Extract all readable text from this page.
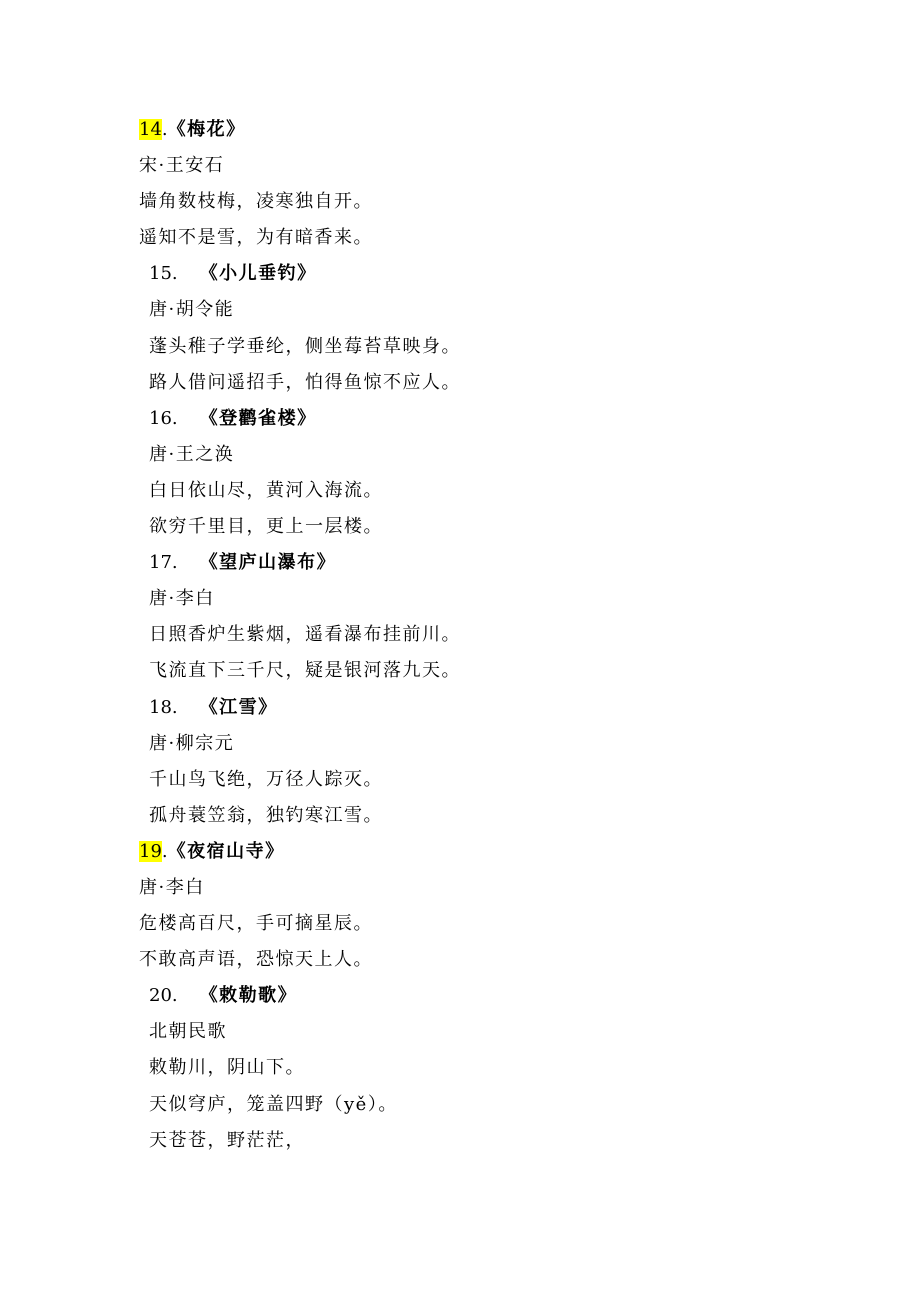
14.《梅花》
宋·王安石
墙角数枝梅，凌寒独自开。
遥知不是雪，为有暗香来。
15. 《小儿垂钓》
唐·胡令能
蓬头稚子学垂纶，侧坐莓苔草映身。
路人借问遥招手，怕得鱼惊不应人。
16. 《登鹳雀楼》
唐·王之涣
白日依山尽，黄河入海流。
欲穷千里目，更上一层楼。
17. 《望庐山瀑布》
唐·李白
日照香炉生紫烟，遥看瀑布挂前川。
飞流直下三千尺，疑是银河落九天。
18. 《江雪》
唐·柳宗元
千山鸟飞绝，万径人踪灭。
孤舟蓑笠翁，独钓寒江雪。
19.《夜宿山寺》
唐·李白
危楼高百尺，手可摘星辰。
不敢高声语，恐惊天上人。
20. 《敕勒歌》
北朝民歌
敕勒川，阴山下。
天似穹庐，笼盖四野（yě）。
天苍苍，野茫茫，
